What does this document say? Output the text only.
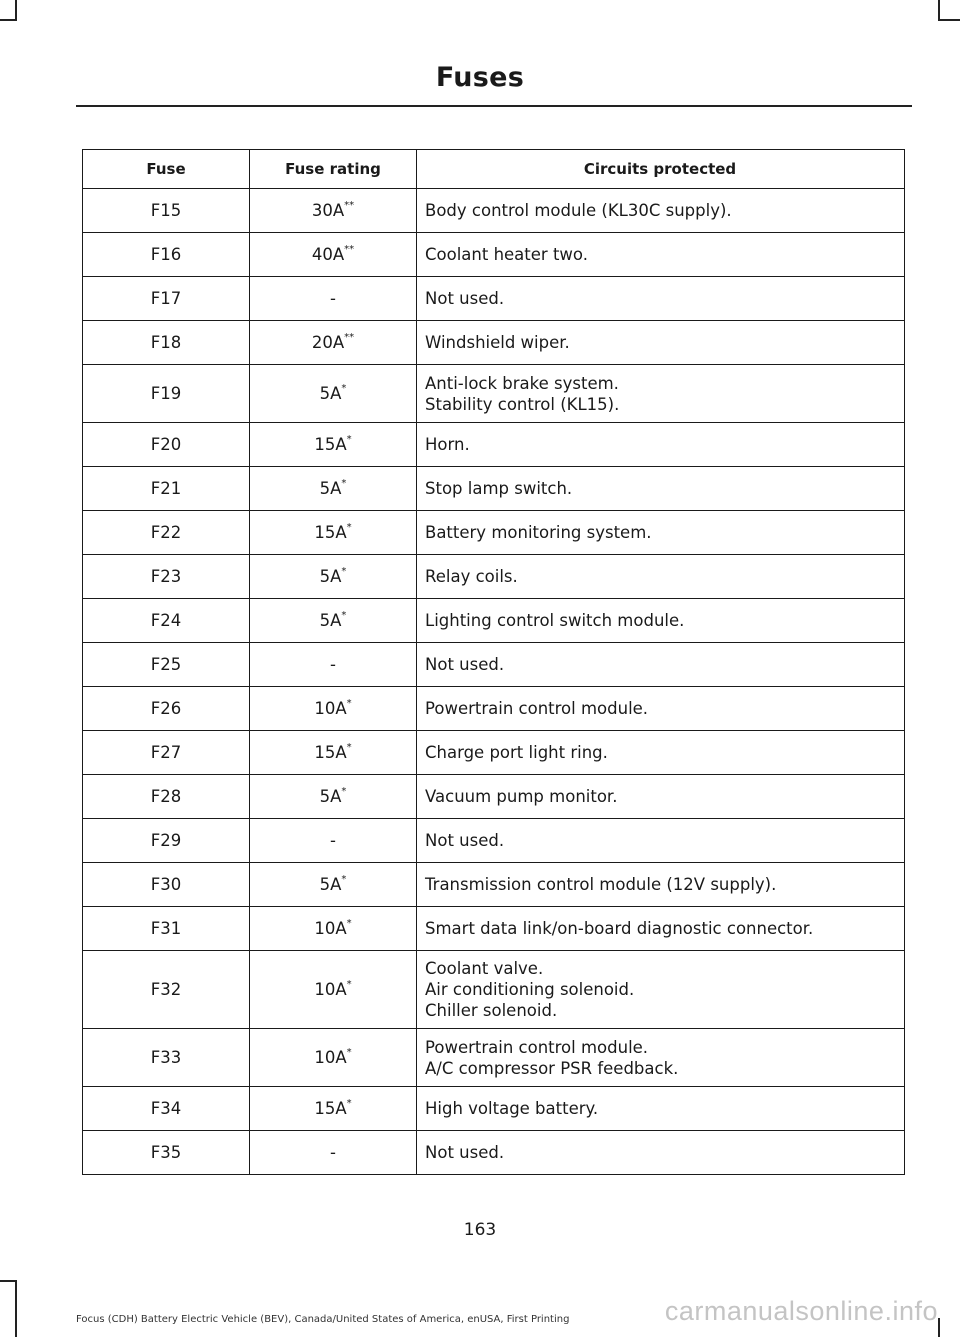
Fuses
Fuse	Fuse rating	Circuits protected
F15	30A**	Body control module (KL30C supply).

F16	40A**	Coolant heater two.

F17	-	Not used.

F18	20A**	Windshield wiper.

F19	5A*	Anti-lock brake system.
Stability control (KL15).

F20	15A*	Horn.

F21	5A*	Stop lamp switch.

F22	15A*	Battery monitoring system.

F23	5A*	Relay coils.

F24	5A*	Lighting control switch module.

F25	-	Not used.

F26	10A*	Powertrain control module.

F27	15A*	Charge port light ring.

F28	5A*	Vacuum pump monitor.

F29	-	Not used.

F30	5A*	Transmission control module (12V supply).

F31	10A*	Smart data link/on-board diagnostic connector.

F32	10A*	Coolant valve.
Air conditioning solenoid.
Chiller solenoid.

F33	10A*	Powertrain control module.
A/C compressor PSR feedback.

F34	15A*	High voltage battery.

F35	-	Not used.
163
Focus (CDH) Battery Electric Vehicle (BEV), Canada/United States of America, enUSA, First Printing	carmanualsonline.info
